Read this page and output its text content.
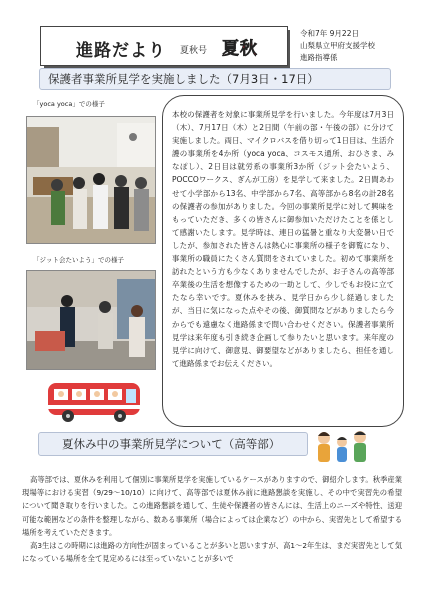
進路だより 夏秋号 夏秋
令和7年 9月22日
山梨県立甲府支援学校
進路指導係
保護者事業所見学を実施しました（7月3日・17日）
「yoca yoca」での様子
「ジット会たいよう」での様子
本校の保護者を対象に事業所見学を行いました。今年度は7月3日（木）、7月17日（木）と2日間（午前の部・午後の部）に分けて実施しました。両日、マイクロバスを借り切って1日目は、生活介護の事業所を4か所（yoca yoca、コスモス通所、おひさま、みなぽし）、2日目は就労系の事業所3か所（ジット会たいよう、POCCOワークス、ぎんが工房）を見学して来ました。2日間あわせて小学部から13名、中学部から7名、高等部から8名の計28名の保護者の参加がありました。今回の事業所見学に対して興味をもっていただき、多くの皆さんに御参加いただけたことを係として感謝いたします。見学時は、連日の猛暑と重なり大変暑い日でしたが、参加された皆さんは熱心に事業所の様子を御覧になり、事業所の職員にたくさん質問をされていました。初めて事業所を訪れたという方も少なくありませんでしたが、お子さんの高等部卒業後の生活を想像するための一助として、少しでもお役に立てたなら幸いです。夏休みを挟み、見学日から少し経過しましたが、当日に気になった点やその後、御質問などがありましたら今からでも遠慮なく進路係まで問い合わせください。保護者事業所見学は来年度も引き続き企画して参りたいと思います。来年度の見学に向けて、御意見、御要望などがありましたら、担任を通して進路係までお伝えください。
夏休み中の事業所見学について（高等部）

高等部では、夏休みを利用して個別に事業所見学を実施しているケースがありますので、御紹介します。秋季産業現場等における実習（9/29～10/10）に向けて、高等部では夏休み前に進路懇談を実施し、その中で実習先の希望について聞き取りを行いました。この進路懇談を通して、生徒や保護者の皆さんには、生活上のニーズや特性、送迎可能な範囲などの条件を整理しながら、数ある事業所（場合によっては企業など）の中から、実習先として希望する場所を考えていただきます。

高3生はこの時期には進路の方向性が固まっていることが多いと思いますが、高1～2年生は、まだ実習先として気になっている場所を全て見定めるには至っていないことが多いで
